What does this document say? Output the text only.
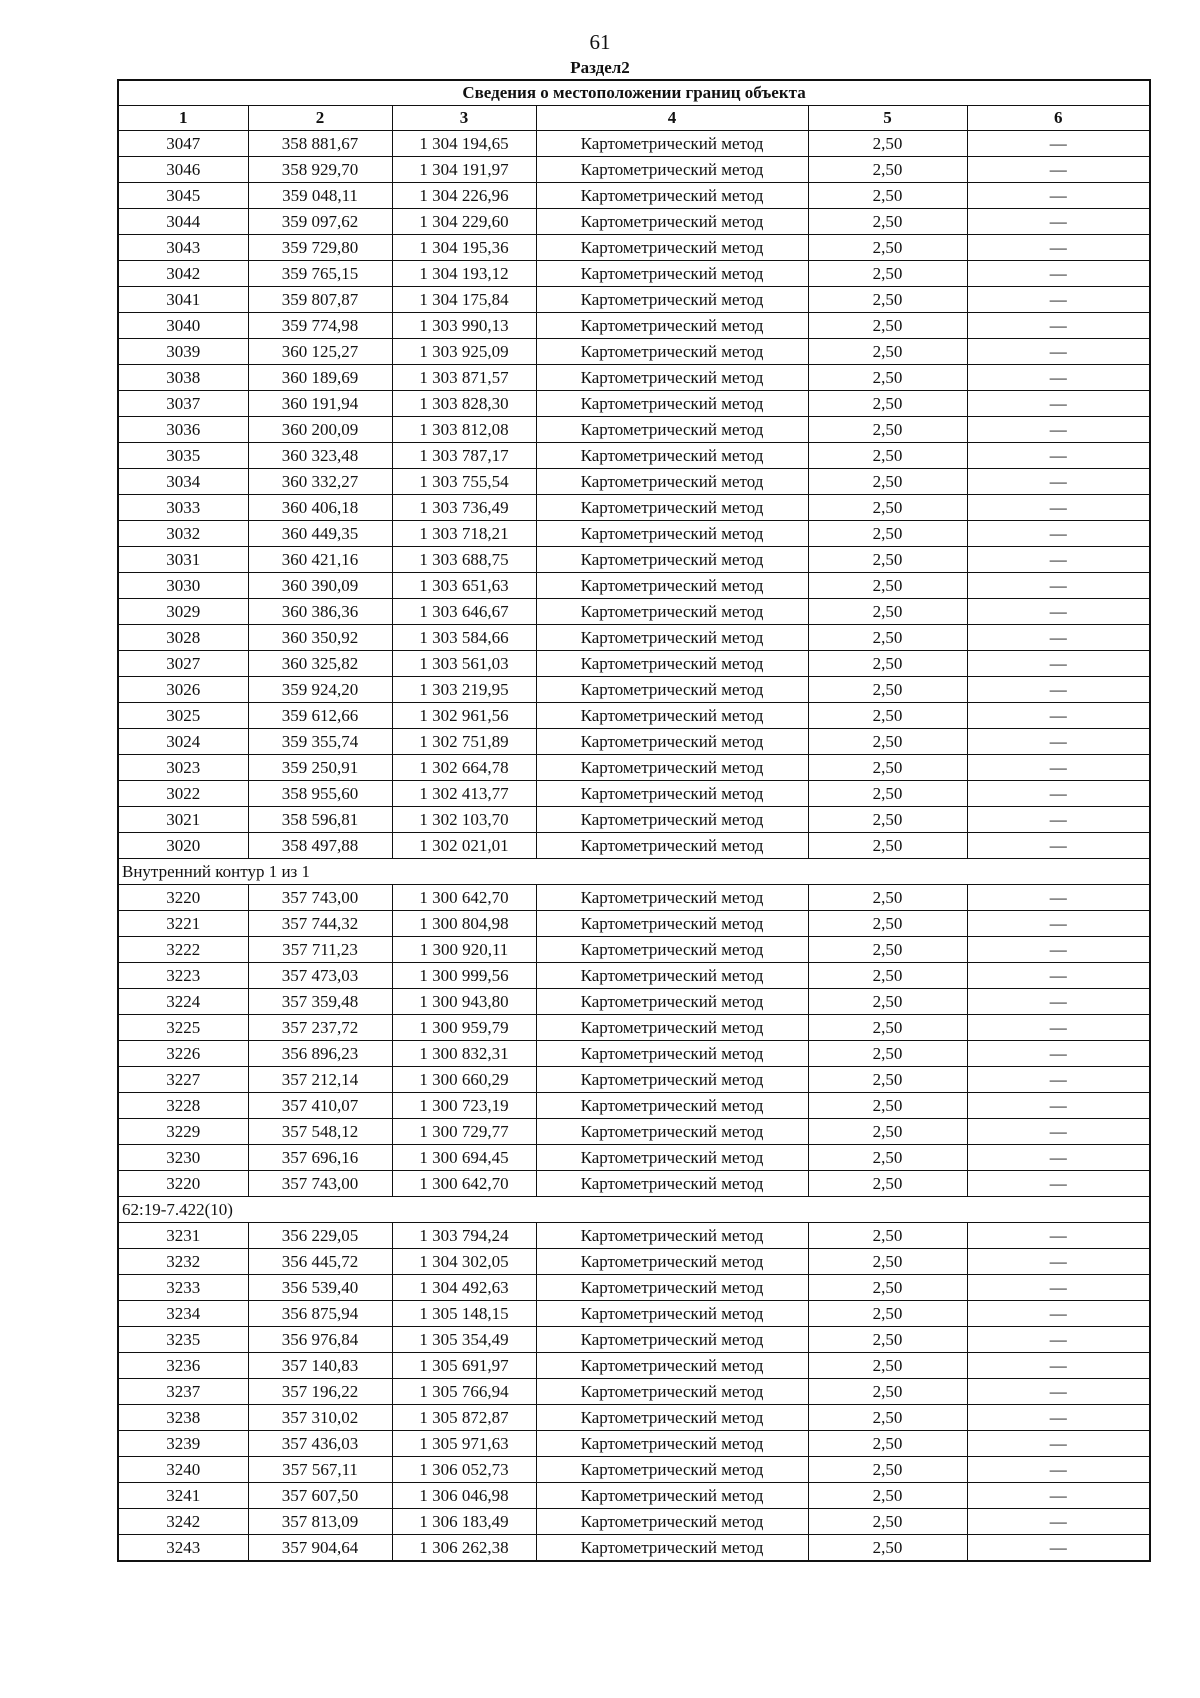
61
Раздел2
Сведения о местоположении границ объекта					
1	2	3	4	5	6
3047	358 881,67	1 304 194,65	Картометрический метод	2,50	—
3046	358 929,70	1 304 191,97	Картометрический метод	2,50	—
3045	359 048,11	1 304 226,96	Картометрический метод	2,50	—
3044	359 097,62	1 304 229,60	Картометрический метод	2,50	—
3043	359 729,80	1 304 195,36	Картометрический метод	2,50	—
3042	359 765,15	1 304 193,12	Картометрический метод	2,50	—
3041	359 807,87	1 304 175,84	Картометрический метод	2,50	—
3040	359 774,98	1 303 990,13	Картометрический метод	2,50	—
3039	360 125,27	1 303 925,09	Картометрический метод	2,50	—
3038	360 189,69	1 303 871,57	Картометрический метод	2,50	—
3037	360 191,94	1 303 828,30	Картометрический метод	2,50	—
3036	360 200,09	1 303 812,08	Картометрический метод	2,50	—
3035	360 323,48	1 303 787,17	Картометрический метод	2,50	—
3034	360 332,27	1 303 755,54	Картометрический метод	2,50	—
3033	360 406,18	1 303 736,49	Картометрический метод	2,50	—
3032	360 449,35	1 303 718,21	Картометрический метод	2,50	—
3031	360 421,16	1 303 688,75	Картометрический метод	2,50	—
3030	360 390,09	1 303 651,63	Картометрический метод	2,50	—
3029	360 386,36	1 303 646,67	Картометрический метод	2,50	—
3028	360 350,92	1 303 584,66	Картометрический метод	2,50	—
3027	360 325,82	1 303 561,03	Картометрический метод	2,50	—
3026	359 924,20	1 303 219,95	Картометрический метод	2,50	—
3025	359 612,66	1 302 961,56	Картометрический метод	2,50	—
3024	359 355,74	1 302 751,89	Картометрический метод	2,50	—
3023	359 250,91	1 302 664,78	Картометрический метод	2,50	—
3022	358 955,60	1 302 413,77	Картометрический метод	2,50	—
3021	358 596,81	1 302 103,70	Картометрический метод	2,50	—
3020	358 497,88	1 302 021,01	Картометрический метод	2,50	—
Внутренний контур 1 из 1					
3220	357 743,00	1 300 642,70	Картометрический метод	2,50	—
3221	357 744,32	1 300 804,98	Картометрический метод	2,50	—
3222	357 711,23	1 300 920,11	Картометрический метод	2,50	—
3223	357 473,03	1 300 999,56	Картометрический метод	2,50	—
3224	357 359,48	1 300 943,80	Картометрический метод	2,50	—
3225	357 237,72	1 300 959,79	Картометрический метод	2,50	—
3226	356 896,23	1 300 832,31	Картометрический метод	2,50	—
3227	357 212,14	1 300 660,29	Картометрический метод	2,50	—
3228	357 410,07	1 300 723,19	Картометрический метод	2,50	—
3229	357 548,12	1 300 729,77	Картометрический метод	2,50	—
3230	357 696,16	1 300 694,45	Картометрический метод	2,50	—
3220	357 743,00	1 300 642,70	Картометрический метод	2,50	—
62:19-7.422(10)					
3231	356 229,05	1 303 794,24	Картометрический метод	2,50	—
3232	356 445,72	1 304 302,05	Картометрический метод	2,50	—
3233	356 539,40	1 304 492,63	Картометрический метод	2,50	—
3234	356 875,94	1 305 148,15	Картометрический метод	2,50	—
3235	356 976,84	1 305 354,49	Картометрический метод	2,50	—
3236	357 140,83	1 305 691,97	Картометрический метод	2,50	—
3237	357 196,22	1 305 766,94	Картометрический метод	2,50	—
3238	357 310,02	1 305 872,87	Картометрический метод	2,50	—
3239	357 436,03	1 305 971,63	Картометрический метод	2,50	—
3240	357 567,11	1 306 052,73	Картометрический метод	2,50	—
3241	357 607,50	1 306 046,98	Картометрический метод	2,50	—
3242	357 813,09	1 306 183,49	Картометрический метод	2,50	—
3243	357 904,64	1 306 262,38	Картометрический метод	2,50	—
